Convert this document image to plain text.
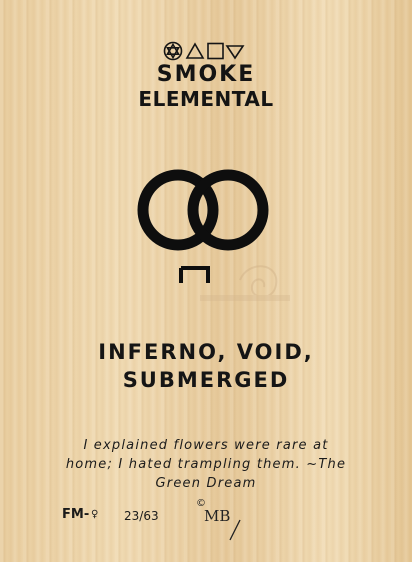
SMOKE
ELEMENTAL
INFERNO, VOID,
SUBMERGED
I explained flowers were rare at
home; I hated trampling them. ~The
Green Dream
FM- ♀ 23/63
©
MB
